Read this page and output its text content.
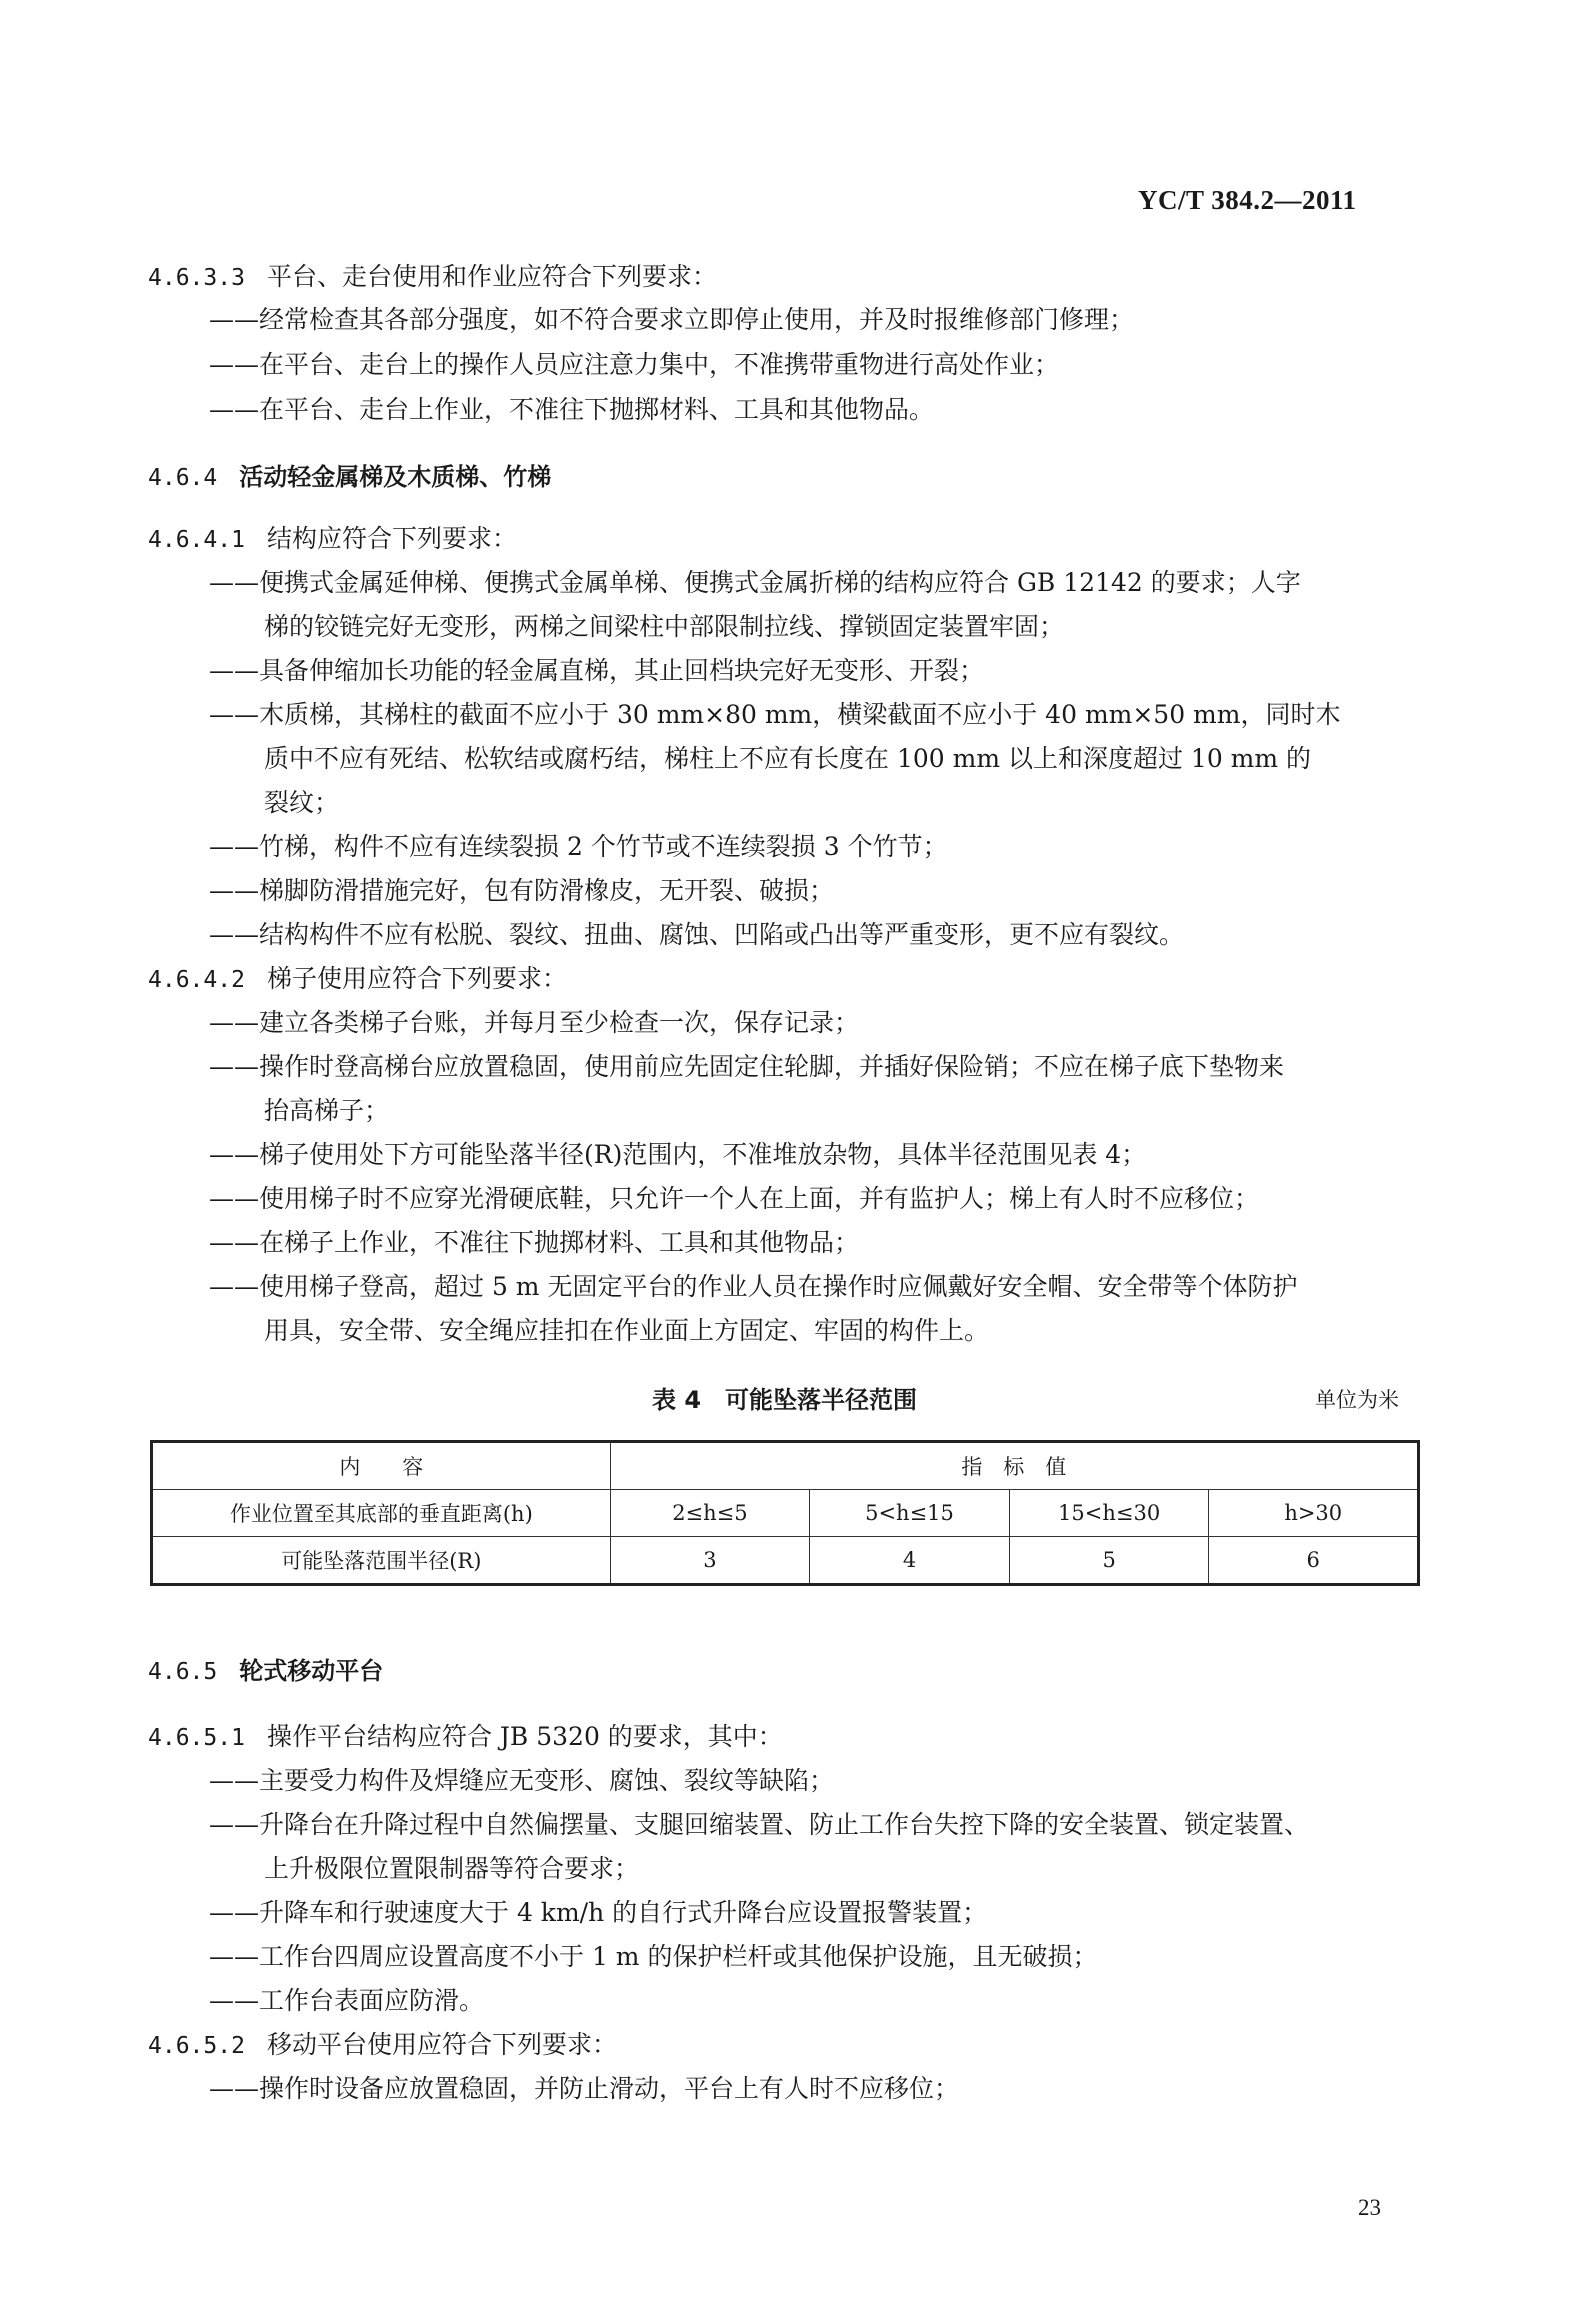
YC/T 384.2—2011
4.6.3.3 平台、走台使用和作业应符合下列要求：
——经常检查其各部分强度，如不符合要求立即停止使用，并及时报维修部门修理；
——在平台、走台上的操作人员应注意力集中，不准携带重物进行高处作业；
——在平台、走台上作业，不准往下抛掷材料、工具和其他物品。
4.6.4 活动轻金属梯及木质梯、竹梯
4.6.4.1 结构应符合下列要求：
——便携式金属延伸梯、便携式金属单梯、便携式金属折梯的结构应符合 GB 12142 的要求；人字
梯的铰链完好无变形，两梯之间梁柱中部限制拉线、撑锁固定装置牢固；
——具备伸缩加长功能的轻金属直梯，其止回档块完好无变形、开裂；
——木质梯，其梯柱的截面不应小于 30 mm×80 mm，横梁截面不应小于 40 mm×50 mm，同时木
质中不应有死结、松软结或腐朽结，梯柱上不应有长度在 100 mm 以上和深度超过 10 mm 的
裂纹；
——竹梯，构件不应有连续裂损 2 个竹节或不连续裂损 3 个竹节；
——梯脚防滑措施完好，包有防滑橡皮，无开裂、破损；
——结构构件不应有松脱、裂纹、扭曲、腐蚀、凹陷或凸出等严重变形，更不应有裂纹。
4.6.4.2 梯子使用应符合下列要求：
——建立各类梯子台账，并每月至少检查一次，保存记录；
——操作时登高梯台应放置稳固，使用前应先固定住轮脚，并插好保险销；不应在梯子底下垫物来
抬高梯子；
——梯子使用处下方可能坠落半径(R)范围内，不准堆放杂物，具体半径范围见表 4；
——使用梯子时不应穿光滑硬底鞋，只允许一个人在上面，并有监护人；梯上有人时不应移位；
——在梯子上作业，不准往下抛掷材料、工具和其他物品；
——使用梯子登高，超过 5 m 无固定平台的作业人员在操作时应佩戴好安全帽、安全带等个体防护
用具，安全带、安全绳应挂扣在作业面上方固定、牢固的构件上。
表 4　可能坠落半径范围	单位为米
内　　容	指　标　值			
作业位置至其底部的垂直距离(h)	2≤h≤5	5<h≤15	15<h≤30	h>30
可能坠落范围半径(R)	3	4	5	6
4.6.5 轮式移动平台
4.6.5.1 操作平台结构应符合 JB 5320 的要求，其中：
——主要受力构件及焊缝应无变形、腐蚀、裂纹等缺陷；
——升降台在升降过程中自然偏摆量、支腿回缩装置、防止工作台失控下降的安全装置、锁定装置、
上升极限位置限制器等符合要求；
——升降车和行驶速度大于 4 km/h 的自行式升降台应设置报警装置；
——工作台四周应设置高度不小于 1 m 的保护栏杆或其他保护设施，且无破损；
——工作台表面应防滑。
4.6.5.2 移动平台使用应符合下列要求：
——操作时设备应放置稳固，并防止滑动，平台上有人时不应移位；
23
